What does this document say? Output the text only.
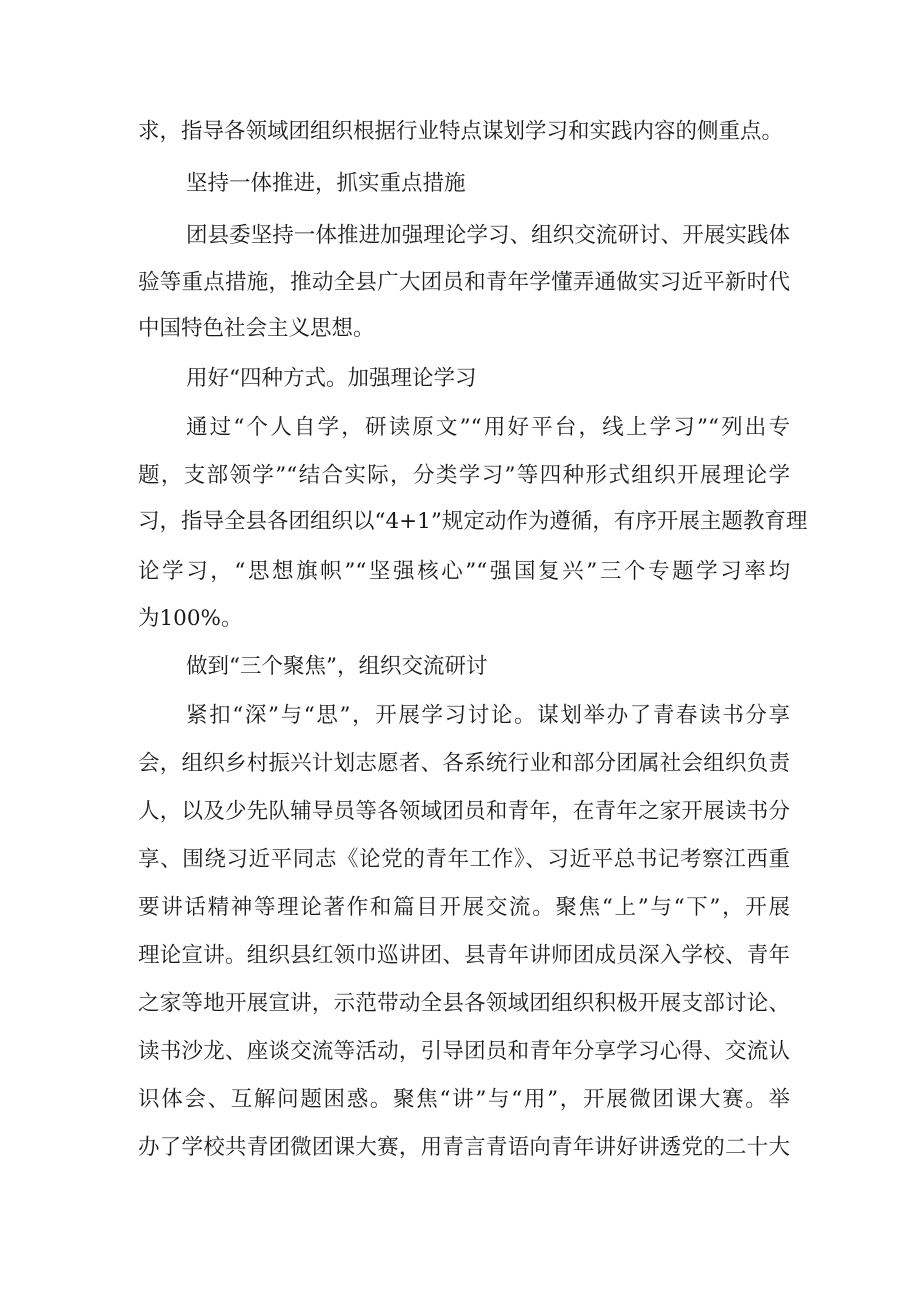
求，指导各领域团组织根据行业特点谋划学习和实践内容的侧重点。
坚持一体推进，抓实重点措施
团县委坚持一体推进加强理论学习、组织交流研讨、开展实践体
验等重点措施，推动全县广大团员和青年学懂弄通做实习近平新时代
中国特色社会主义思想。
用好“四种方式。加强理论学习
通过“个人自学，研读原文”“用好平台，线上学习”“列出专
题，支部领学”“结合实际，分类学习”等四种形式组织开展理论学
习，指导全县各团组织以“4+1”规定动作为遵循，有序开展主题教育理
论学习，“思想旗帜”“坚强核心”“强国复兴”三个专题学习率均
为100%。
做到“三个聚焦”，组织交流研讨
紧扣“深”与“思”，开展学习讨论。谋划举办了青春读书分享
会，组织乡村振兴计划志愿者、各系统行业和部分团属社会组织负责
人，以及少先队辅导员等各领域团员和青年，在青年之家开展读书分
享、围绕习近平同志《论党的青年工作》、习近平总书记考察江西重
要讲话精神等理论著作和篇目开展交流。聚焦“上”与“下”，开展
理论宣讲。组织县红领巾巡讲团、县青年讲师团成员深入学校、青年
之家等地开展宣讲，示范带动全县各领域团组织积极开展支部讨论、
读书沙龙、座谈交流等活动，引导团员和青年分享学习心得、交流认
识体会、互解问题困惑。聚焦“讲”与“用”，开展微团课大赛。举
办了学校共青团微团课大赛，用青言青语向青年讲好讲透党的二十大
